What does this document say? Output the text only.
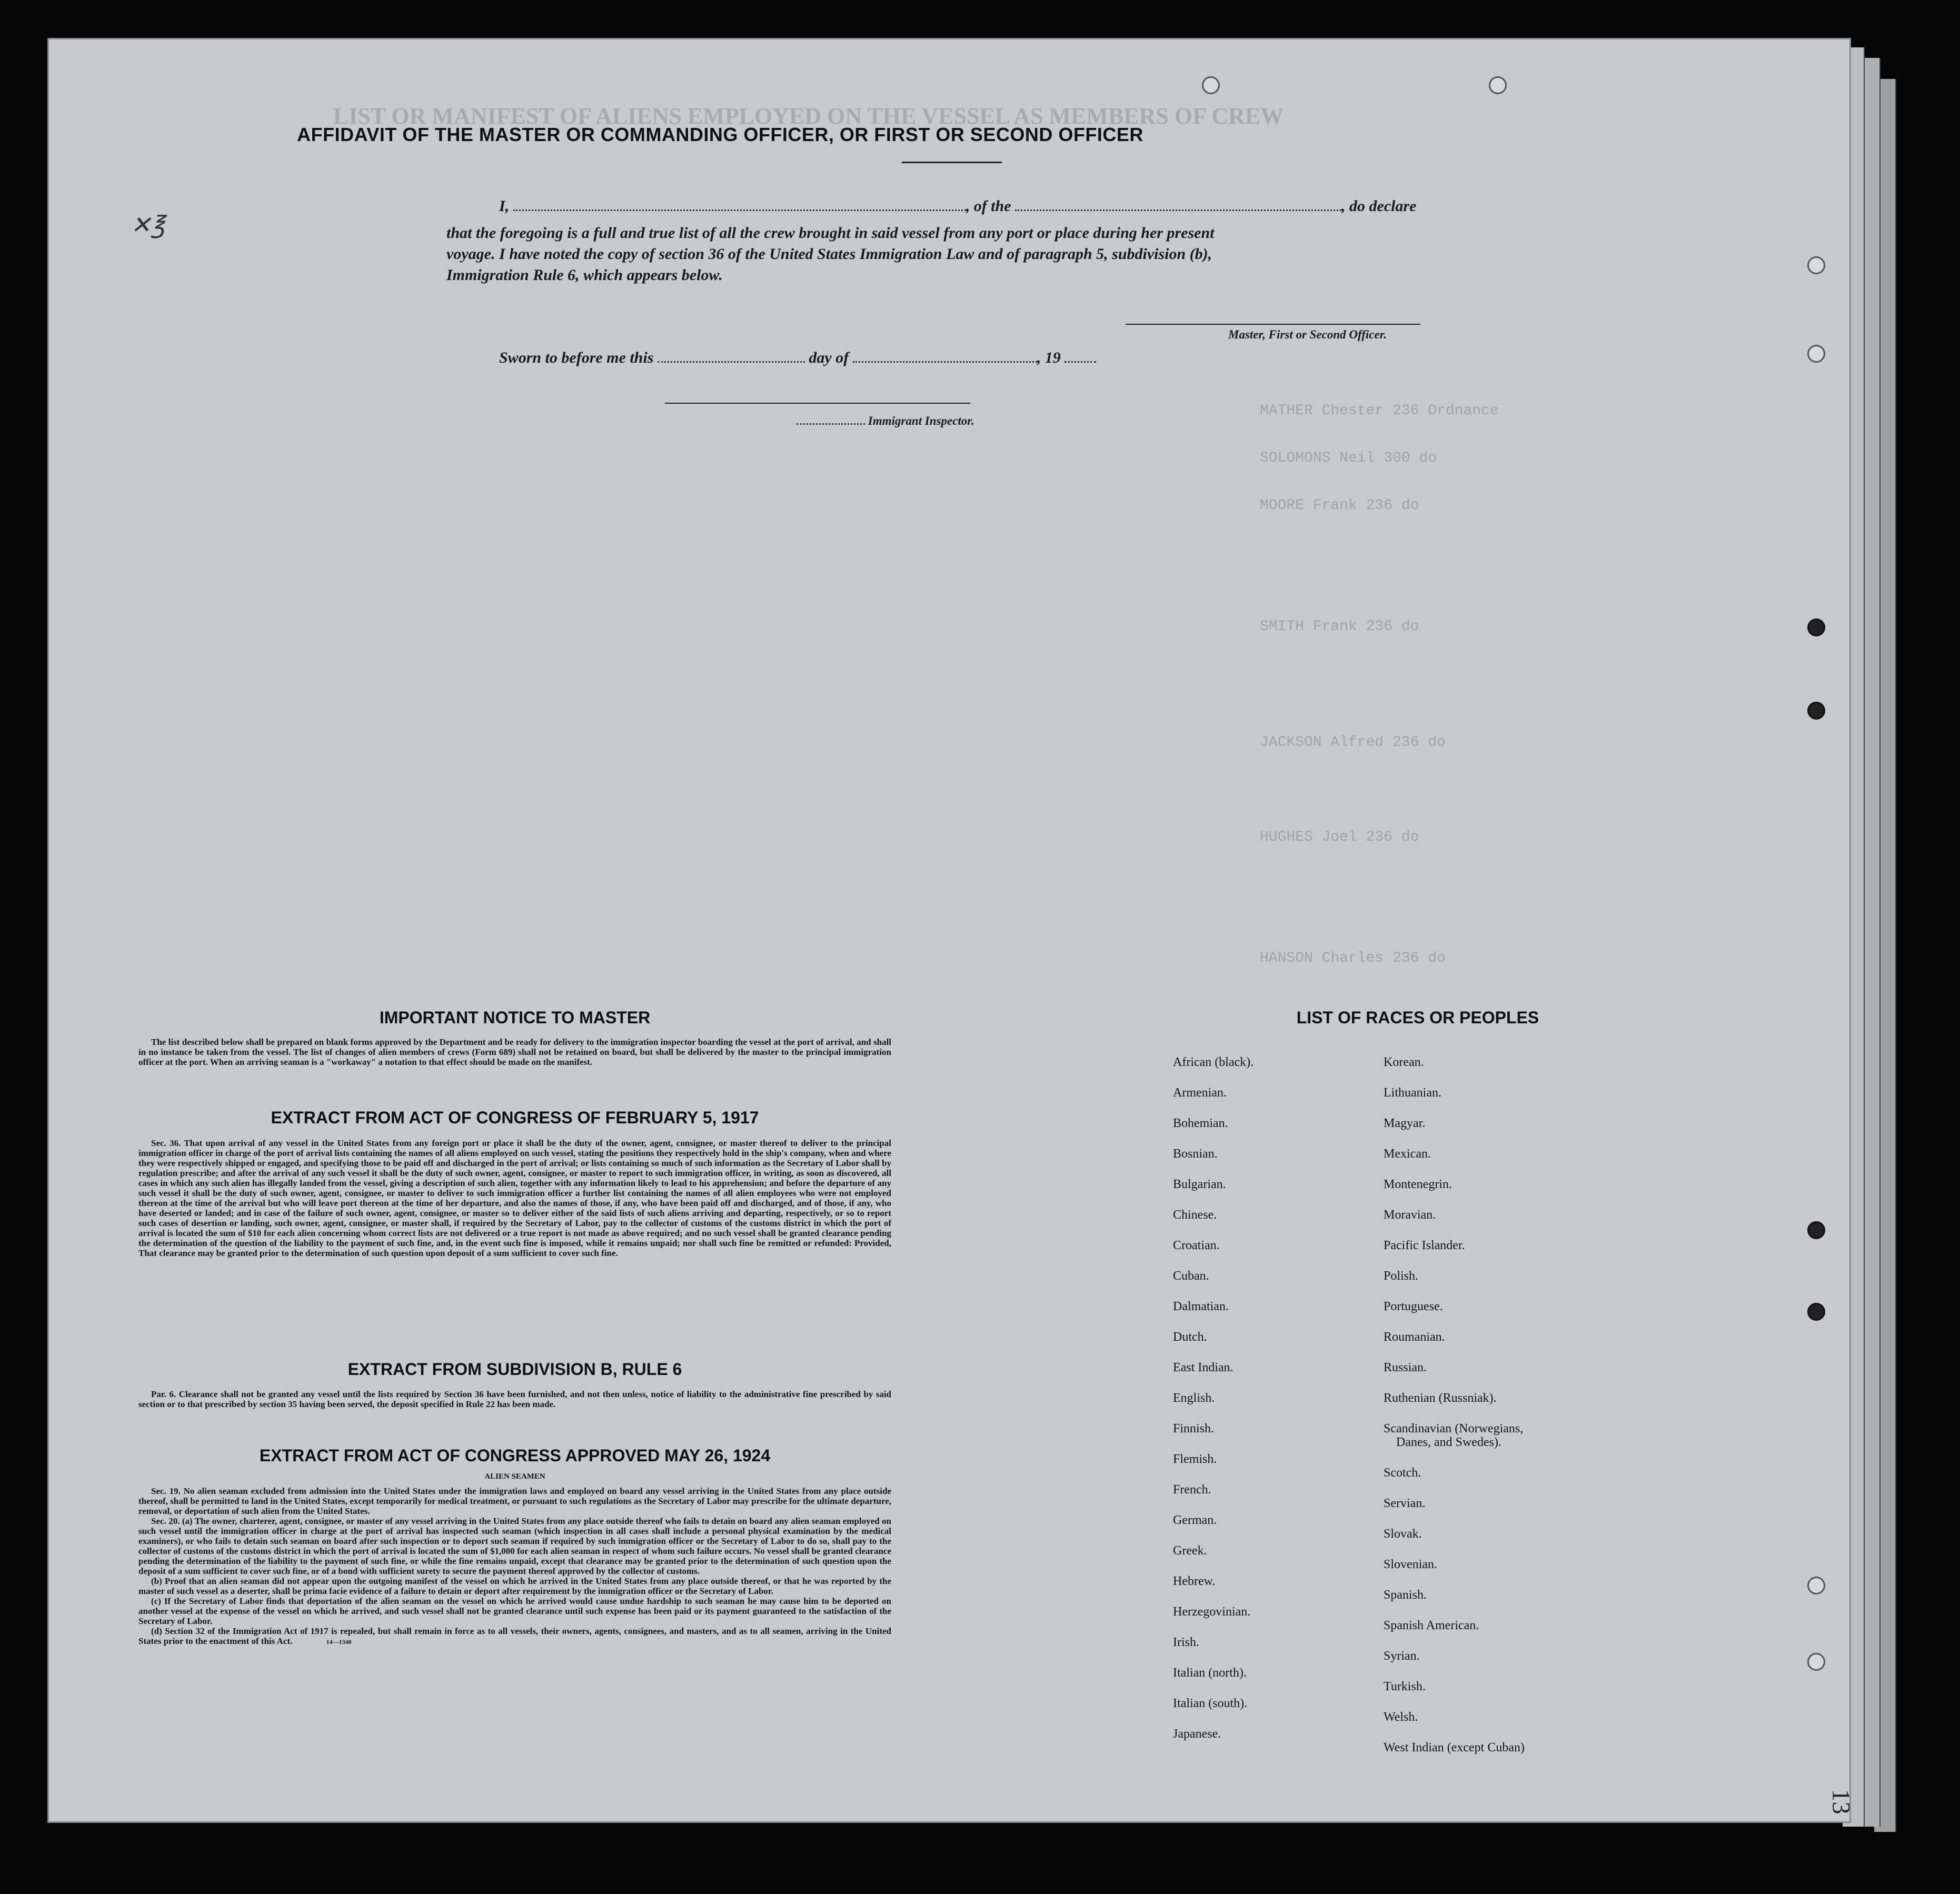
LIST OR MANIFEST OF ALIENS EMPLOYED ON THE VESSEL AS MEMBERS OF CREW
MATHER Chester 236 Ordnance
SOLOMONS Neil 300 do
MOORE Frank 236 do
SMITH Frank 236 do
JACKSON Alfred 236 do
HUGHES Joel 236 do
HANSON Charles 236 do
✕℥
AFFIDAVIT OF THE MASTER OR COMMANDING OFFICER, OR FIRST OR SECOND OFFICER
I,	, of the	, do declare
that the foregoing is a full and true list of all the crew brought in said vessel from any port or place during her present
voyage. I have noted the copy of section 36 of the United States Immigration Law and of paragraph 5, subdivision (b),
Immigration Rule 6, which appears below.
Master, First or Second Officer.
Sworn to before me this	day of	, 19
Immigrant Inspector.
IMPORTANT NOTICE TO MASTER

The list described below shall be prepared on blank forms approved by the Department and be ready for delivery to the immigration inspector boarding the vessel at the port of arrival, and shall in no instance be taken from the vessel. The list of changes of alien members of crews (Form 689) shall not be retained on board, but shall be delivered by the master to the principal immigration officer at the port. When an arriving seaman is a "workaway" a notation to that effect should be made on the manifest.

EXTRACT FROM ACT OF CONGRESS OF FEBRUARY 5, 1917

Sec. 36. That upon arrival of any vessel in the United States from any foreign port or place it shall be the duty of the owner, agent, consignee, or master thereof to deliver to the principal immigration officer in charge of the port of arrival lists containing the names of all aliens employed on such vessel, stating the positions they respectively hold in the ship's company, when and where they were respectively shipped or engaged, and specifying those to be paid off and discharged in the port of arrival; or lists containing so much of such information as the Secretary of Labor shall by regulation prescribe; and after the arrival of any such vessel it shall be the duty of such owner, agent, consignee, or master to report to such immigration officer, in writing, as soon as discovered, all cases in which any such alien has illegally landed from the vessel, giving a description of such alien, together with any information likely to lead to his apprehension; and before the departure of any such vessel it shall be the duty of such owner, agent, consignee, or master to deliver to such immigration officer a further list containing the names of all alien employees who were not employed thereon at the time of the arrival but who will leave port thereon at the time of her departure, and also the names of those, if any, who have been paid off and discharged, and of those, if any, who have deserted or landed; and in case of the failure of such owner, agent, consignee, or master so to deliver either of the said lists of such aliens arriving and departing, respectively, or so to report such cases of desertion or landing, such owner, agent, consignee, or master shall, if required by the Secretary of Labor, pay to the collector of customs of the customs district in which the port of arrival is located the sum of $10 for each alien concerning whom correct lists are not delivered or a true report is not made as above required; and no such vessel shall be granted clearance pending the determination of the question of the liability to the payment of such fine, and, in the event such fine is imposed, while it remains unpaid; nor shall such fine be remitted or refunded: Provided, That clearance may be granted prior to the determination of such question upon deposit of a sum sufficient to cover such fine.

EXTRACT FROM SUBDIVISION B, RULE 6

Par. 6. Clearance shall not be granted any vessel until the lists required by Section 36 have been furnished, and not then unless, notice of liability to the administrative fine prescribed by said section or to that prescribed by section 35 having been served, the deposit specified in Rule 22 has been made.

EXTRACT FROM ACT OF CONGRESS APPROVED MAY 26, 1924
ALIEN SEAMEN

Sec. 19. No alien seaman excluded from admission into the United States under the immigration laws and employed on board any vessel arriving in the United States from any place outside thereof, shall be permitted to land in the United States, except temporarily for medical treatment, or pursuant to such regulations as the Secretary of Labor may prescribe for the ultimate departure, removal, or deportation of such alien from the United States.

Sec. 20. (a) The owner, charterer, agent, consignee, or master of any vessel arriving in the United States from any place outside thereof who fails to detain on board any alien seaman employed on such vessel until the immigration officer in charge at the port of arrival has inspected such seaman (which inspection in all cases shall include a personal physical examination by the medical examiners), or who fails to detain such seaman on board after such inspection or to deport such seaman if required by such immigration officer or the Secretary of Labor to do so, shall pay to the collector of customs of the customs district in which the port of arrival is located the sum of $1,000 for each alien seaman in respect of whom such failure occurs. No vessel shall be granted clearance pending the determination of the liability to the payment of such fine, or while the fine remains unpaid, except that clearance may be granted prior to the determination of such question upon the deposit of a sum sufficient to cover such fine, or of a bond with sufficient surety to secure the payment thereof approved by the collector of customs.

(b) Proof that an alien seaman did not appear upon the outgoing manifest of the vessel on which he arrived in the United States from any place outside thereof, or that he was reported by the master of such vessel as a deserter, shall be prima facie evidence of a failure to detain or deport after requirement by the immigration officer or the Secretary of Labor.

(c) If the Secretary of Labor finds that deportation of the alien seaman on the vessel on which he arrived would cause undue hardship to such seaman he may cause him to be deported on another vessel at the expense of the vessel on which he arrived, and such vessel shall not be granted clearance until such expense has been paid or its payment guaranteed to the satisfaction of the Secretary of Labor.

(d) Section 32 of the Immigration Act of 1917 is repealed, but shall remain in force as to all vessels, their owners, agents, consignees, and masters, and as to all seamen, arriving in the United States prior to the enactment of this Act.	14—1340

LIST OF RACES OR PEOPLES
African (black).
Armenian.
Bohemian.
Bosnian.
Bulgarian.
Chinese.
Croatian.
Cuban.
Dalmatian.
Dutch.
East Indian.
English.
Finnish.
Flemish.
French.
German.
Greek.
Hebrew.
Herzegovinian.
Irish.
Italian (north).
Italian (south).
Japanese.
Korean.
Lithuanian.
Magyar.
Mexican.
Montenegrin.
Moravian.
Pacific Islander.
Polish.
Portuguese.
Roumanian.
Russian.
Ruthenian (Russniak).
Scandinavian (Norwegians,
Danes, and Swedes).
Scotch.
Servian.
Slovak.
Slovenian.
Spanish.
Spanish American.
Syrian.
Turkish.
Welsh.
West Indian (except Cuban)
13
